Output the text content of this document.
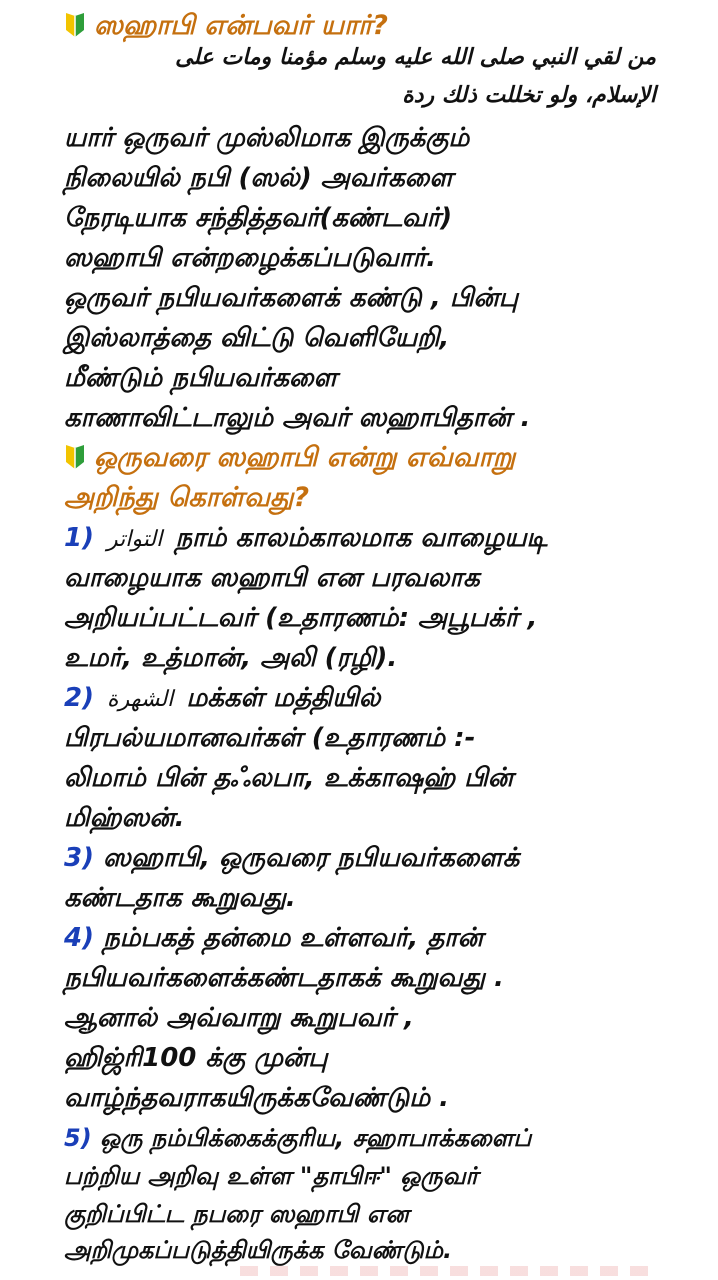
ஸஹாபி என்பவர் யார்?
من لقي النبي صلى الله عليه وسلم مؤمنا ومات على
الإسلام، ولو تخللت ذلك ردة
யார் ஒருவர் முஸ்லிமாக இருக்கும்
நிலையில் நபி (ஸல்) அவர்களை
நேரடியாக சந்தித்தவர்(கண்டவர்)
ஸஹாபி என்றழைக்கப்படுவார்.
ஒருவர் நபியவர்களைக் கண்டு , பின்பு
இஸ்லாத்தை விட்டு வெளியேறி,
மீண்டும் நபியவர்களை
காணாவிட்டாலும் அவர் ஸஹாபிதான் .
ஒருவரை ஸஹாபி என்று எவ்வாறு
அறிந்து கொள்வது?
1) التواتر நாம் காலம்காலமாக வாழையடி
வாழையாக ஸஹாபி என பரவலாக
அறியப்பட்டவர் (உதாரணம்: அபூபக்ர் ,
உமர், உத்மான், அலி (ரழி).
2) الشهرة மக்கள் மத்தியில்
பிரபல்யமானவர்கள் (உதாரணம் :-
லிமாம் பின் தஃலபா, உக்காஷஹ் பின்
மிஹ்ஸன்.
3) ஸஹாபி, ஒருவரை நபியவர்களைக்
கண்டதாக கூறுவது.
4) நம்பகத் தன்மை உள்ளவர், தான்
நபியவர்களைக்கண்டதாகக் கூறுவது .
ஆனால் அவ்வாறு கூறுபவர் ,
ஹிஜ்ரி100 க்கு முன்பு
வாழ்ந்தவராகயிருக்கவேண்டும் .
5) ஒரு நம்பிக்கைக்குரிய, சஹாபாக்களைப்
பற்றிய அறிவு உள்ள "தாபிஈ" ஒருவர்
குறிப்பிட்ட நபரை ஸஹாபி என
அறிமுகப்படுத்தியிருக்க வேண்டும்.
